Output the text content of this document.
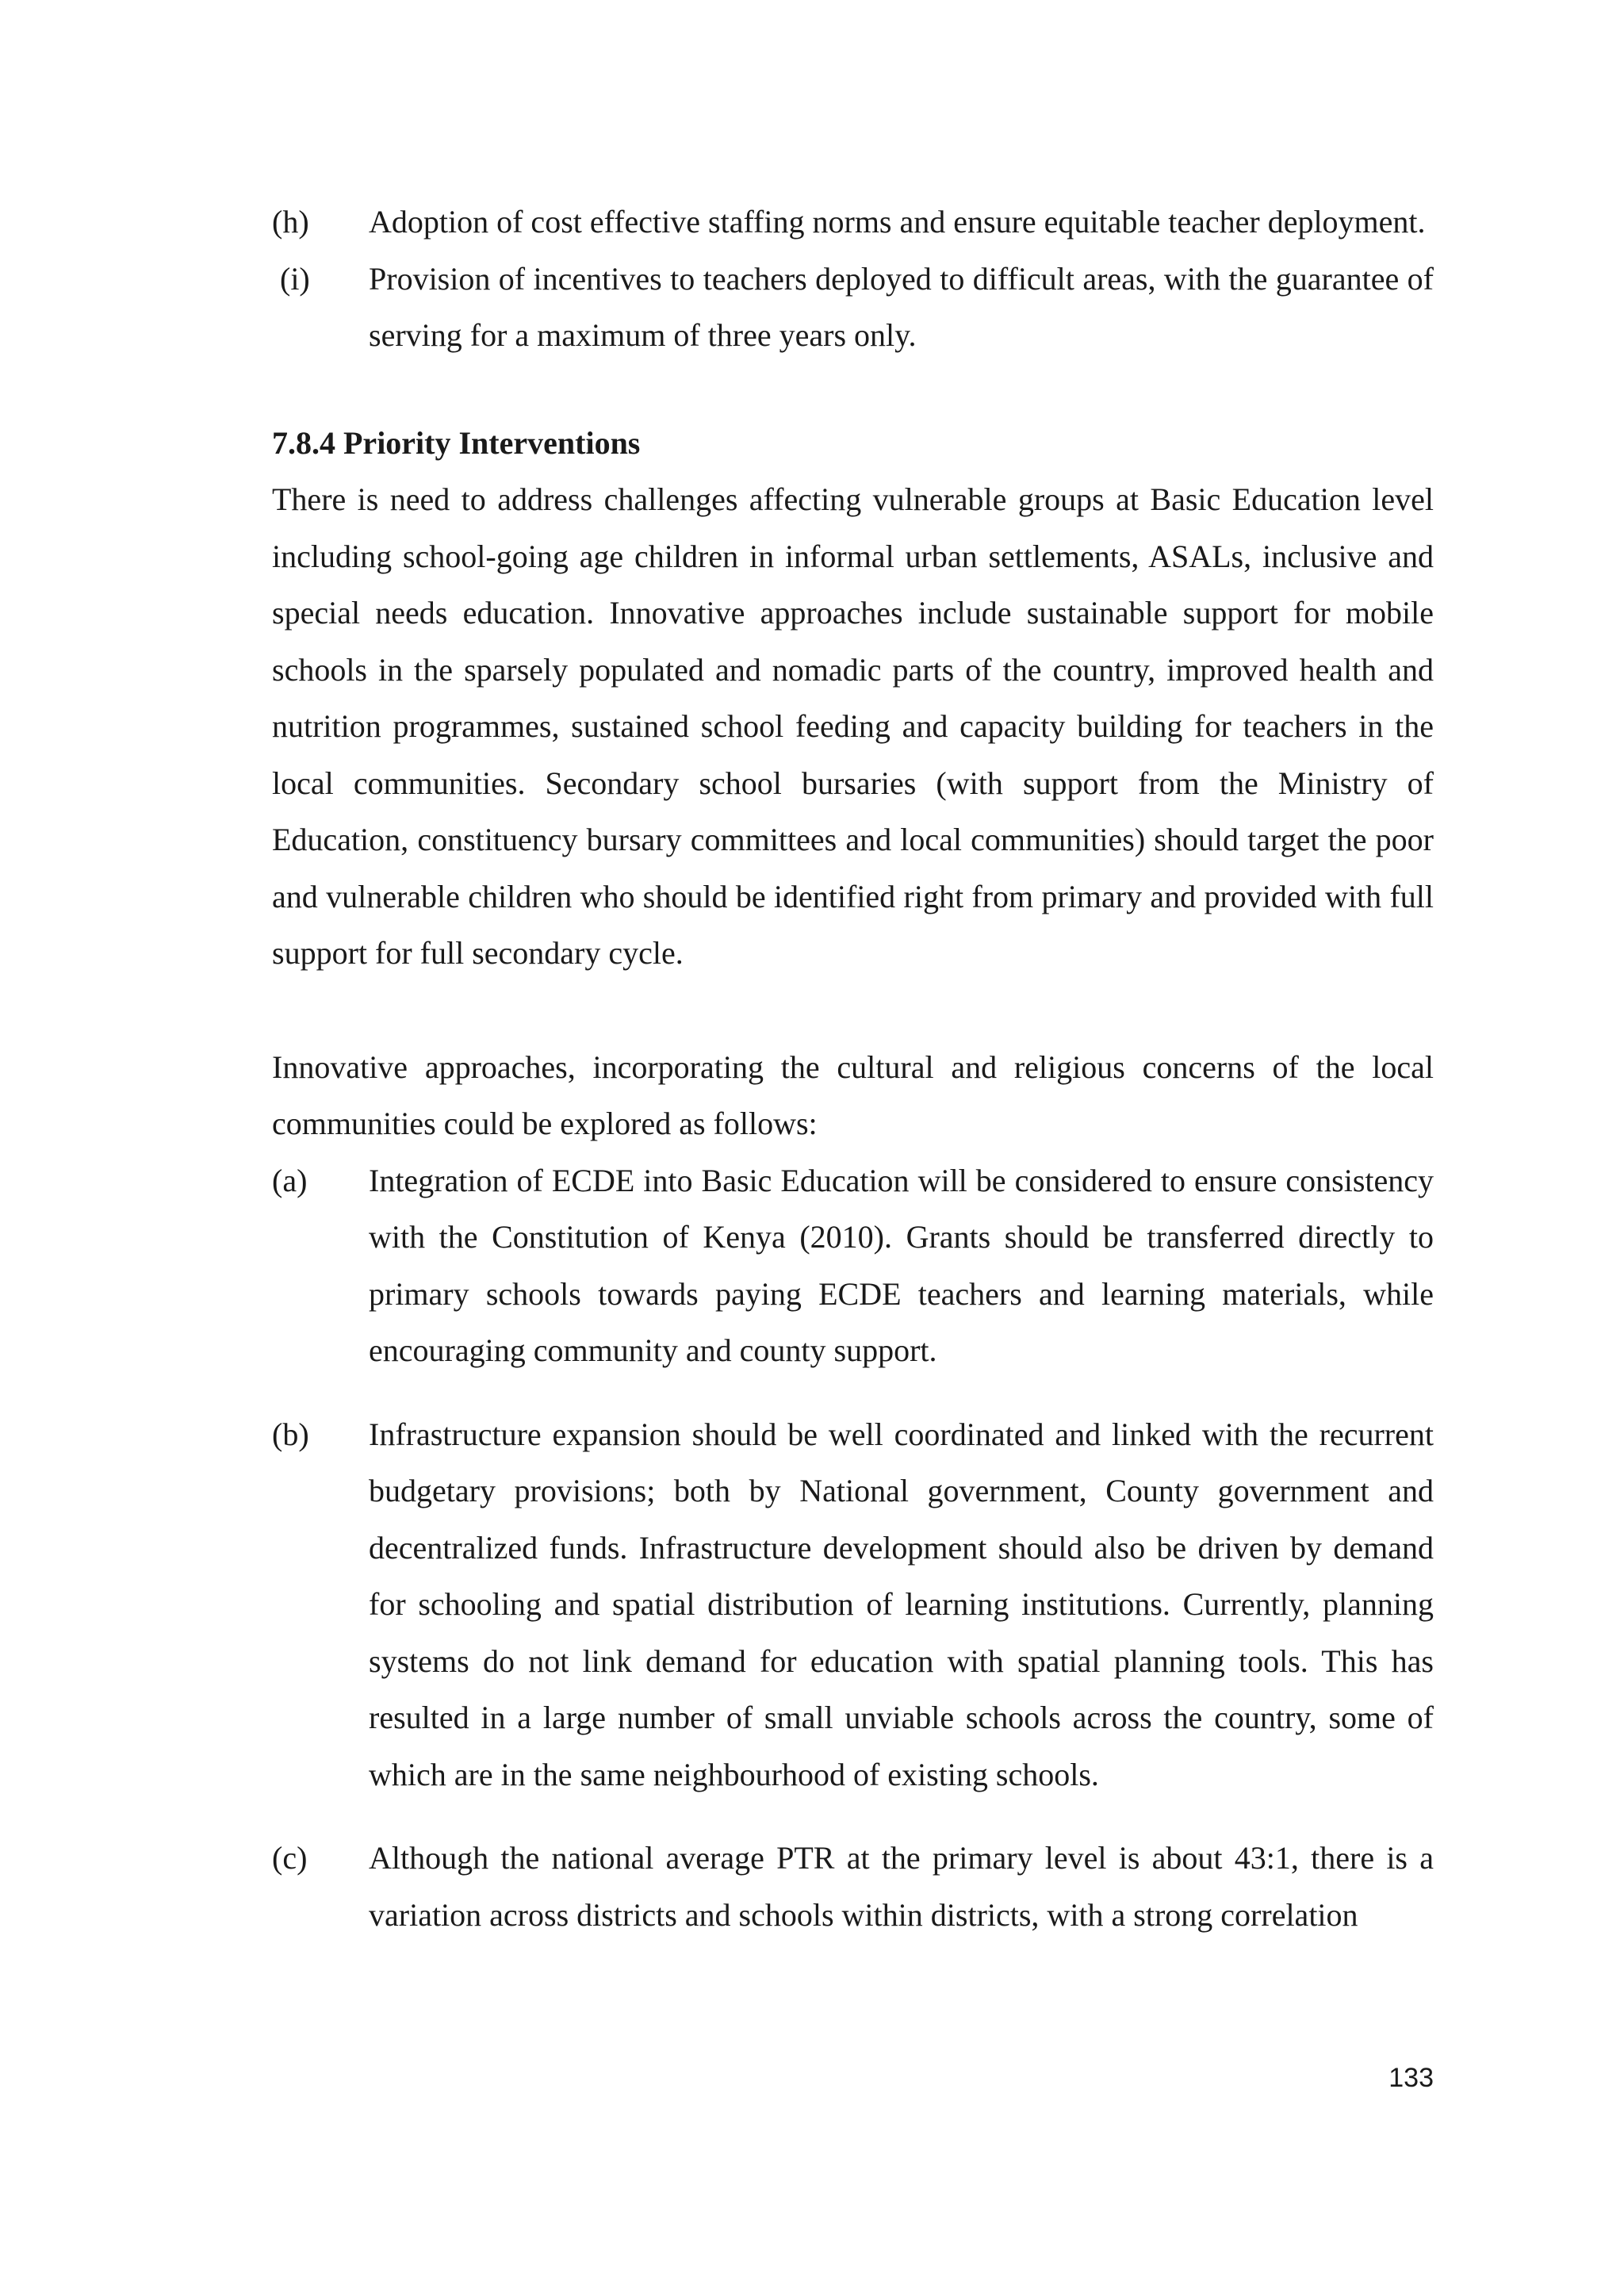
(h)	Adoption of cost effective staffing norms and ensure equitable teacher deployment.
(i)	Provision of incentives to teachers deployed to difficult areas, with the guarantee of serving for a maximum of three years only.

7.8.4 Priority Interventions

There is need to address challenges affecting vulnerable groups at Basic Education level including school-going age children in informal urban settlements, ASALs, inclusive and special needs education. Innovative approaches include sustainable support for mobile schools in the sparsely populated and nomadic parts of the country, improved health and nutrition programmes, sustained school feeding and capacity building for teachers in the local communities. Secondary school bursaries (with support from the Ministry of Education, constituency bursary committees and local communities) should target the poor and vulnerable children who should be identified right from primary and provided with full support for full secondary cycle.

Innovative approaches, incorporating the cultural and religious concerns of the local communities could be explored as follows:

(a)	Integration of ECDE into Basic Education will be considered to ensure consistency with the Constitution of Kenya (2010). Grants should be transferred directly to primary schools towards paying ECDE teachers and learning materials, while encouraging community and county support.
(b)	Infrastructure expansion should be well coordinated and linked with the recurrent budgetary provisions; both by National government, County government and decentralized funds. Infrastructure development should also be driven by demand for schooling and spatial distribution of learning institutions. Currently, planning systems do not link demand for education with spatial planning tools. This has resulted in a large number of small unviable schools across the country, some of which are in the same neighbourhood of existing schools.
(c)	Although the national average PTR at the primary level is about 43:1, there is a variation across districts and schools within districts, with a strong correlation
133
